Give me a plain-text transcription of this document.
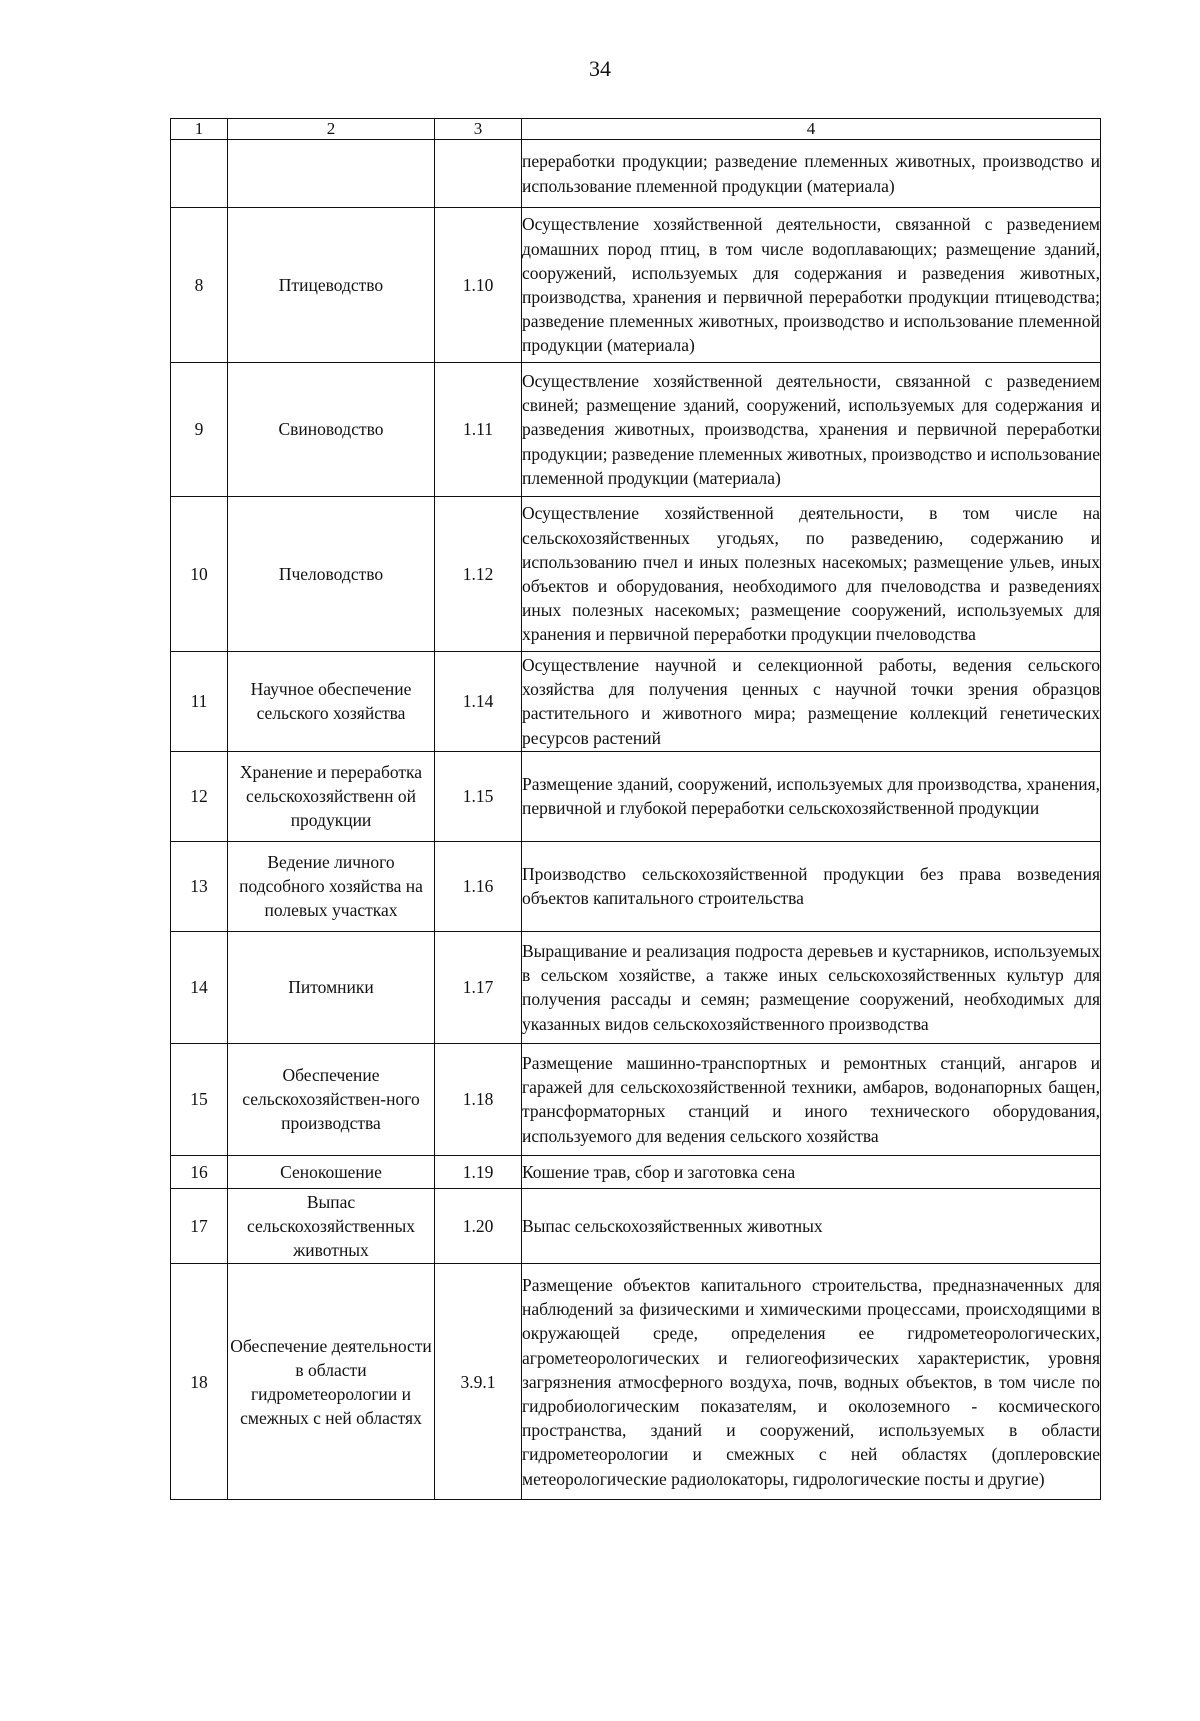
34
1	2	3	4
			переработки продукции; разведение племенных животных, производство и использование племенной продукции (материала)
8	Птицеводство	1.10	Осуществление хозяйственной деятельности, связанной с разведением домашних пород птиц, в том числе водоплавающих; размещение зданий, сооружений, используемых для содержания и разведения животных, производства, хранения и первичной переработки продукции птицеводства; разведение племенных животных, производство и использование племенной продукции (материала)
9	Свиноводство	1.11	Осуществление хозяйственной деятельности, связанной с разведением свиней; размещение зданий, сооружений, используемых для содержания и разведения животных, производства, хранения и первичной переработки продукции; разведение племенных животных, производство и использование племенной продукции (материала)
10	Пчеловодство	1.12	Осуществление хозяйственной деятельности, в том числе на сельскохозяйственных угодьях, по разведению, содержанию и использованию пчел и иных полезных насекомых; размещение ульев, иных объектов и оборудования, необходимого для пчеловодства и разведениях иных полезных насекомых; размещение сооружений, используемых для хранения и первичной переработки продукции пчеловодства
11	Научное обеспечение сельского хозяйства	1.14	Осуществление научной и селекционной работы, ведения сельского хозяйства для получения ценных с научной точки зрения образцов растительного и животного мира; размещение коллекций генетических ресурсов растений
12	Хранение и переработка сельскохозяйственн ой продукции	1.15	Размещение зданий, сооружений, используемых для производства, хранения, первичной и глубокой переработки сельскохозяйственной продукции
13	Ведение личного подсобного хозяйства на полевых участках	1.16	Производство сельскохозяйственной продукции без права возведения объектов капитального строительства
14	Питомники	1.17	Выращивание и реализация подроста деревьев и кустарников, используемых в сельском хозяйстве, а также иных сельскохозяйственных культур для получения рассады и семян; размещение сооружений, необходимых для указанных видов сельскохозяйственного производства
15	Обеспечение сельскохозяйствен-ного производства	1.18	Размещение машинно-транспортных и ремонтных станций, ангаров и гаражей для сельскохозяйственной техники, амбаров, водонапорных бащен, трансформаторных станций и иного технического оборудования, используемого для ведения сельского хозяйства
16	Сенокошение	1.19	Кошение трав, сбор и заготовка сена
17	Выпас сельскохозяйственных животных	1.20	Выпас сельскохозяйственных животных
18	Обеспечение деятельности в области гидрометеорологии и смежных с ней областях	3.9.1	Размещение объектов капитального строительства, предназначенных для наблюдений за физическими и химическими процессами, происходящими в окружающей среде, определения ее гидрометеорологических, агрометеорологических и гелиогеофизических характеристик, уровня загрязнения атмосферного воздуха, почв, водных объектов, в том числе по гидробиологическим показателям, и околоземного - космического пространства, зданий и сооружений, используемых в области гидрометеорологии и смежных с ней областях (доплеровские метеорологические радиолокаторы, гидрологические посты и другие)
